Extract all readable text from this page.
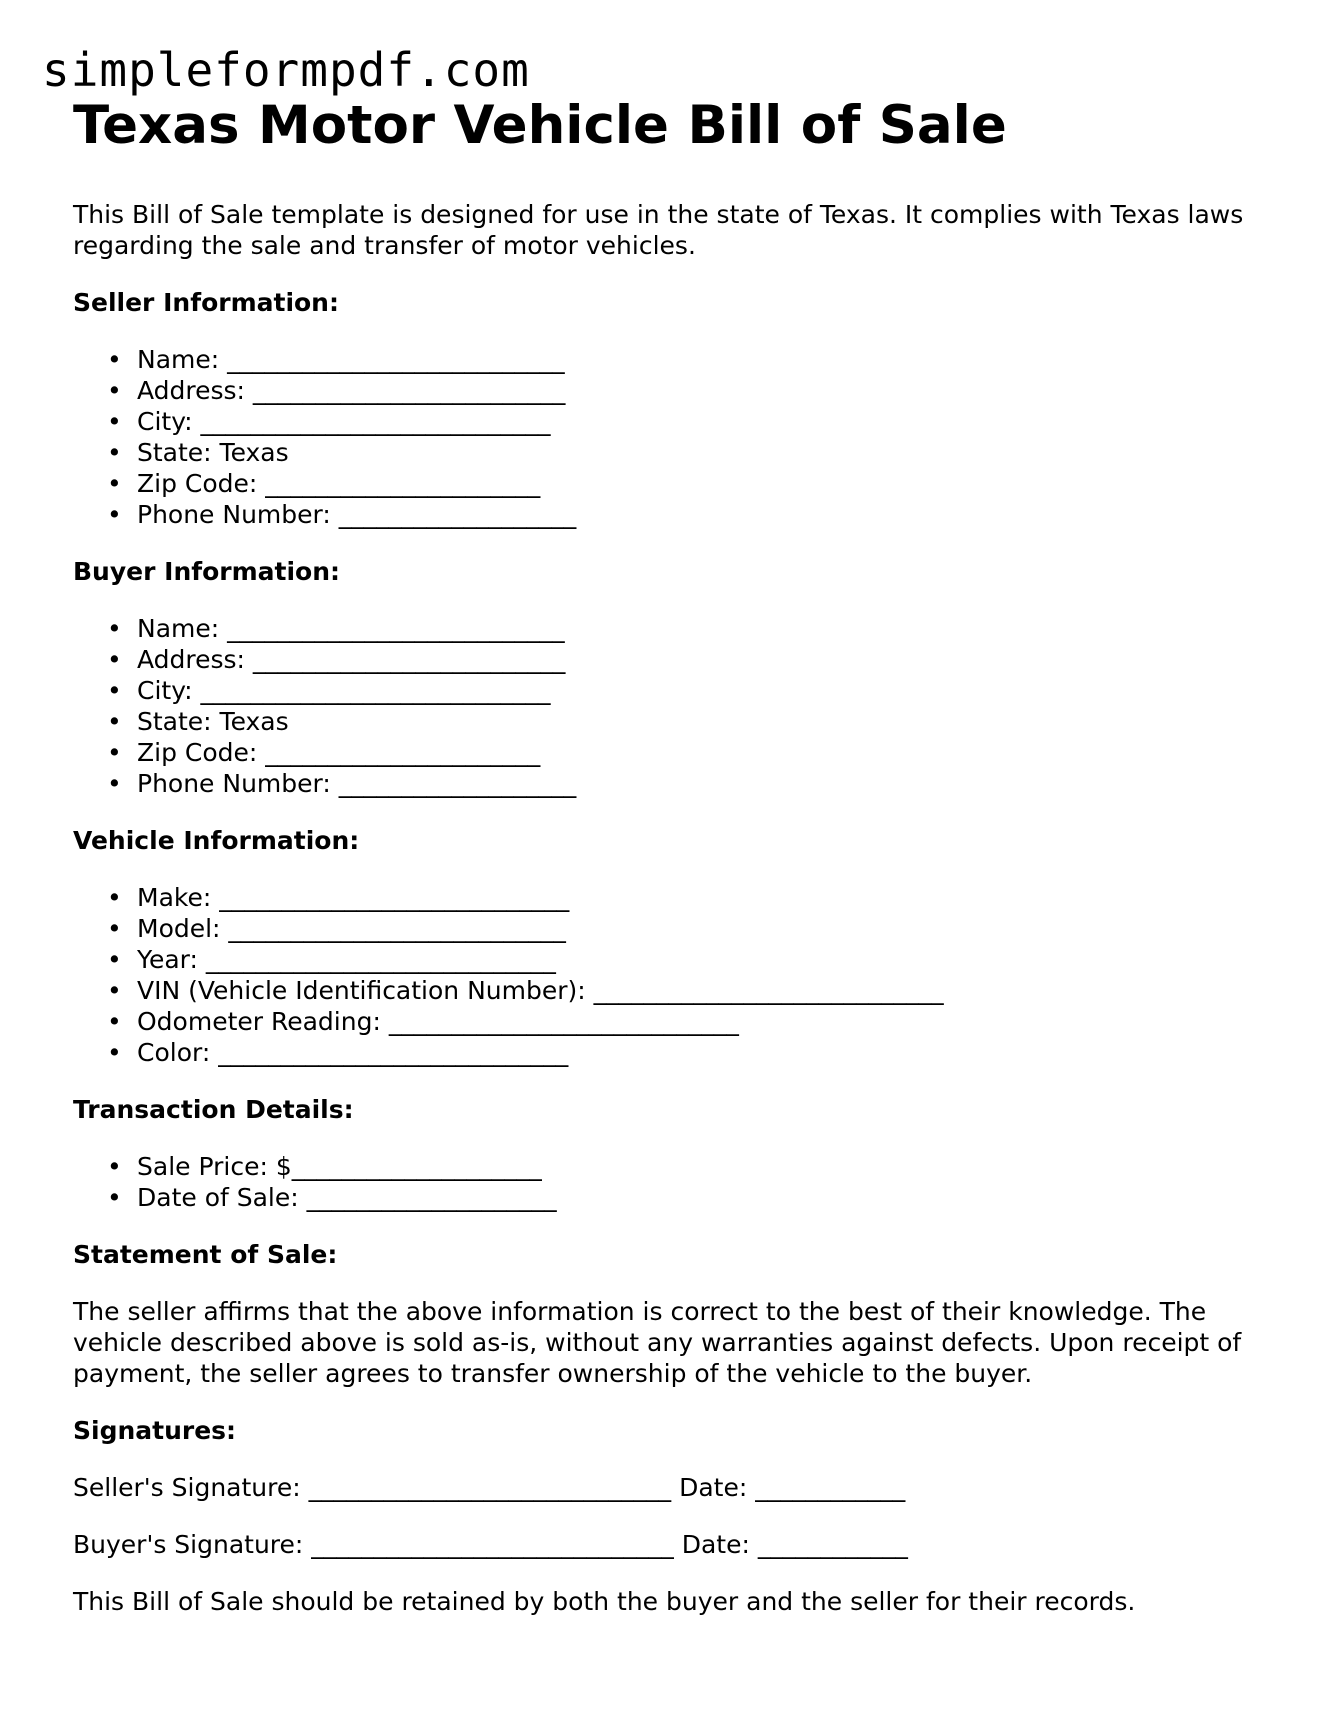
simpleformpdf.com
Texas Motor Vehicle Bill of Sale

This Bill of Sale template is designed for use in the state of Texas. It complies with Texas laws regarding the sale and transfer of motor vehicles.

Seller Information:
• Name: ___________________________
• Address: _________________________
• City: ____________________________
• State: Texas
• Zip Code: ______________________
• Phone Number: ___________________
Buyer Information:
• Name: ___________________________
• Address: _________________________
• City: ____________________________
• State: Texas
• Zip Code: ______________________
• Phone Number: ___________________
Vehicle Information:
• Make: ____________________________
• Model: ___________________________
• Year: ____________________________
• VIN (Vehicle Identification Number): ____________________________
• Odometer Reading: ____________________________
• Color: ____________________________
Transaction Details:
• Sale Price: $____________________
• Date of Sale: ____________________
Statement of Sale:

The seller affirms that the above information is correct to the best of their knowledge. The vehicle described above is sold as-is, without any warranties against defects. Upon receipt of payment, the seller agrees to transfer ownership of the vehicle to the buyer.

Signatures:

Seller's Signature: _____________________________ Date: ____________

Buyer's Signature: _____________________________ Date: ____________

This Bill of Sale should be retained by both the buyer and the seller for their records.
